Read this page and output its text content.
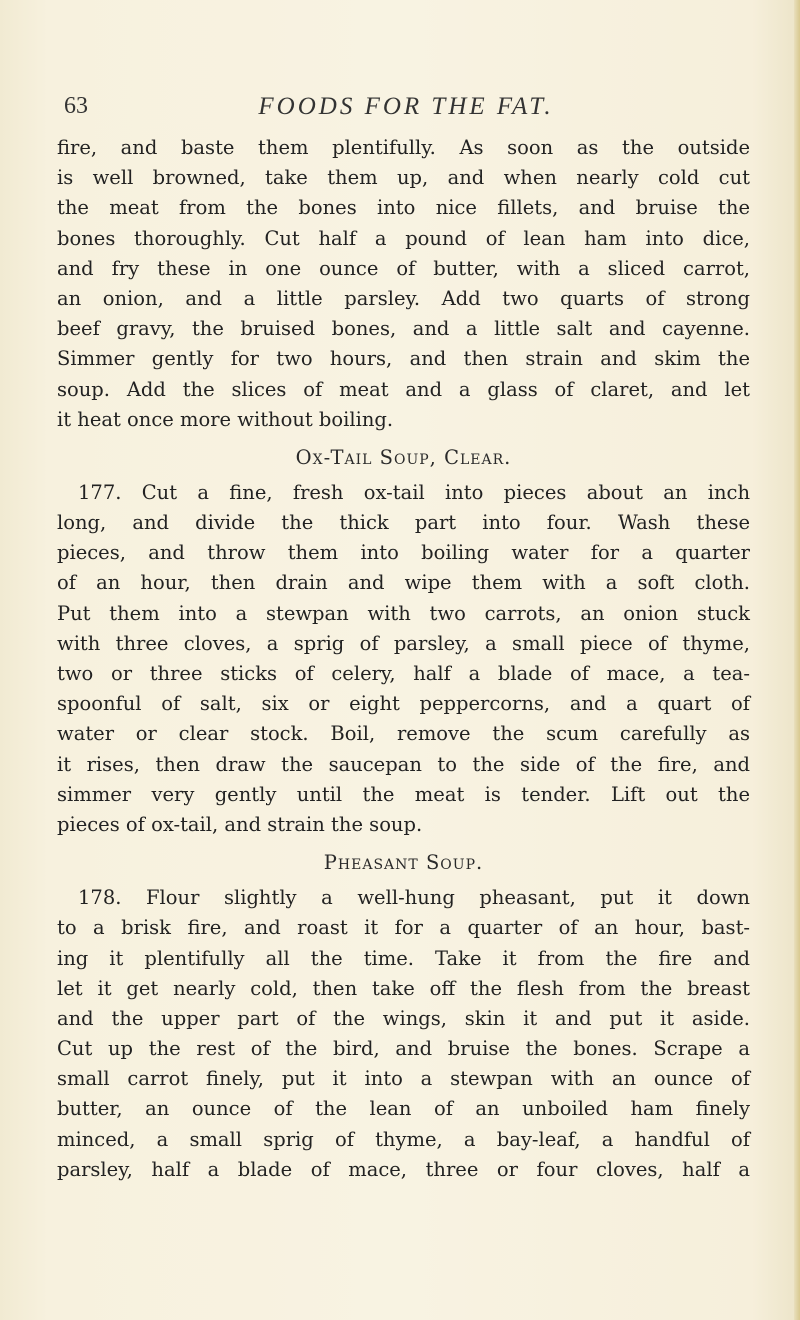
63	FOODS FOR THE FAT.
fire, and baste them plentifully. As soon as the outside
is well browned, take them up, and when nearly cold cut
the meat from the bones into nice fillets, and bruise the
bones thoroughly. Cut half a pound of lean ham into dice,
and fry these in one ounce of butter, with a sliced carrot,
an onion, and a little parsley. Add two quarts of strong
beef gravy, the bruised bones, and a little salt and cayenne.
Simmer gently for two hours, and then strain and skim the
soup. Add the slices of meat and a glass of claret, and let
it heat once more without boiling.
Ox-Tail Soup, Clear.
177. Cut a fine, fresh ox-tail into pieces about an inch
long, and divide the thick part into four. Wash these
pieces, and throw them into boiling water for a quarter
of an hour, then drain and wipe them with a soft cloth.
Put them into a stewpan with two carrots, an onion stuck
with three cloves, a sprig of parsley, a small piece of thyme,
two or three sticks of celery, half a blade of mace, a tea-
spoonful of salt, six or eight peppercorns, and a quart of
water or clear stock. Boil, remove the scum carefully as
it rises, then draw the saucepan to the side of the fire, and
simmer very gently until the meat is tender. Lift out the
pieces of ox-tail, and strain the soup.
Pheasant Soup.
178. Flour slightly a well-hung pheasant, put it down
to a brisk fire, and roast it for a quarter of an hour, bast-
ing it plentifully all the time. Take it from the fire and
let it get nearly cold, then take off the flesh from the breast
and the upper part of the wings, skin it and put it aside.
Cut up the rest of the bird, and bruise the bones. Scrape a
small carrot finely, put it into a stewpan with an ounce of
butter, an ounce of the lean of an unboiled ham finely
minced, a small sprig of thyme, a bay-leaf, a handful of
parsley, half a blade of mace, three or four cloves, half a
